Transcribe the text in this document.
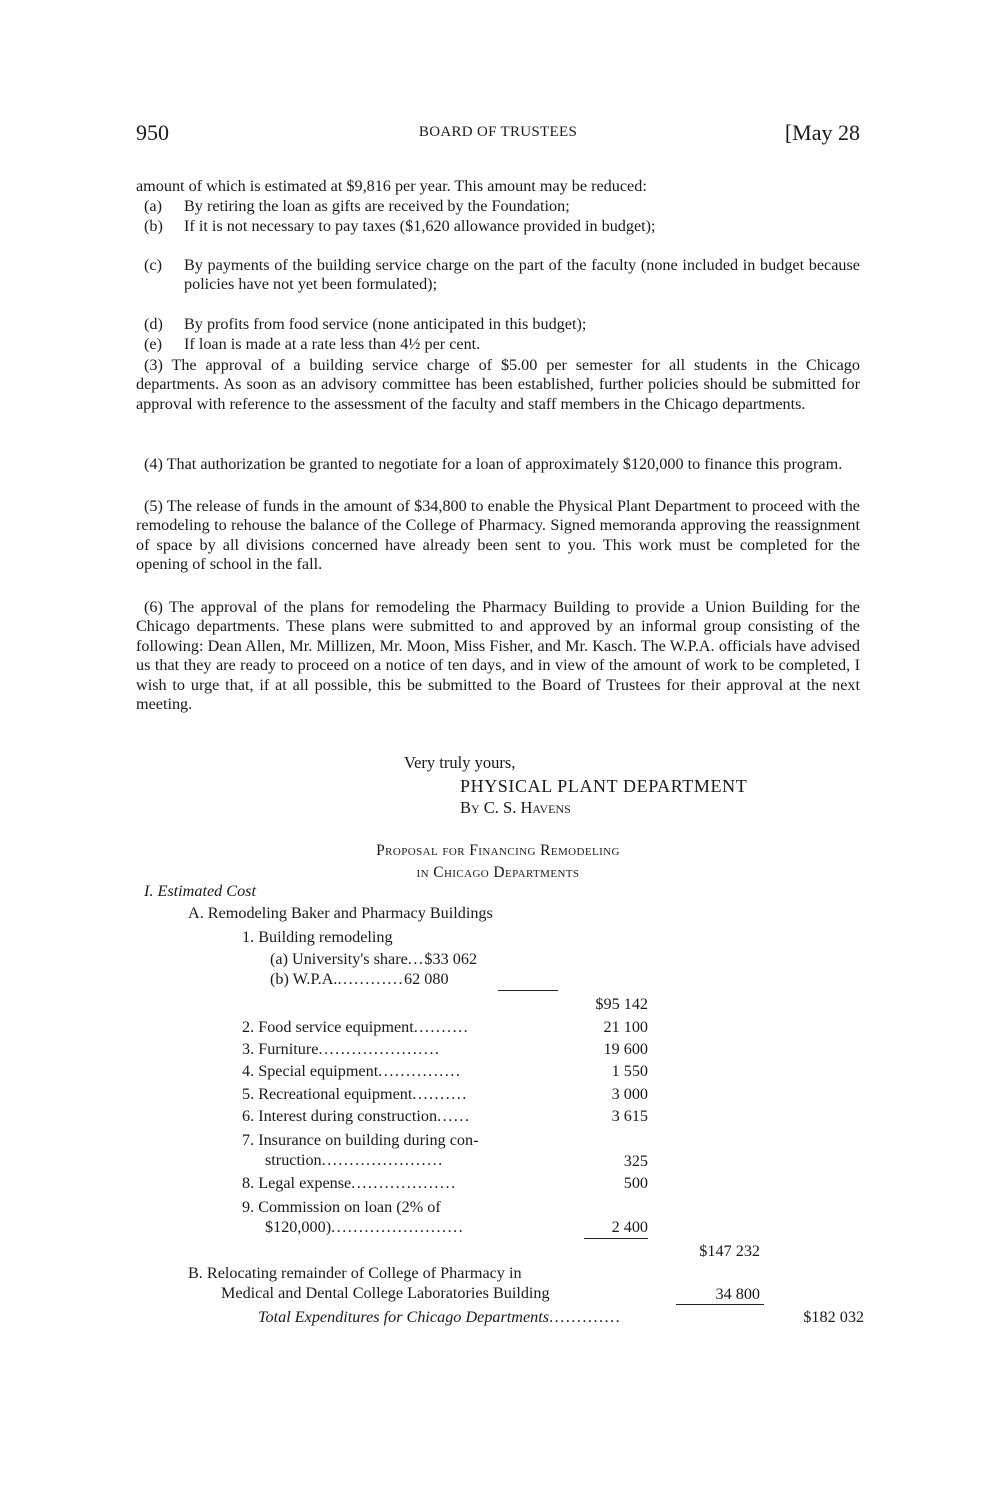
950	BOARD OF TRUSTEES	[May 28

amount of which is estimated at $9,816 per year. This amount may be reduced:

(a) By retiring the loan as gifts are received by the Foundation;
(b) If it is not necessary to pay taxes ($1,620 allowance provided in budget);
(c) By payments of the building service charge on the part of the faculty (none included in budget because policies have not yet been formulated);
(d) By profits from food service (none anticipated in this budget);
(e) If loan is made at a rate less than 4½ per cent.

(3) The approval of a building service charge of $5.00 per semester for all students in the Chicago departments. As soon as an advisory committee has been established, further policies should be submitted for approval with reference to the assessment of the faculty and staff members in the Chicago departments.

(4) That authorization be granted to negotiate for a loan of approximately $120,000 to finance this program.

(5) The release of funds in the amount of $34,800 to enable the Physical Plant Department to proceed with the remodeling to rehouse the balance of the College of Pharmacy. Signed memoranda approving the reassignment of space by all divisions concerned have already been sent to you. This work must be completed for the opening of school in the fall.

(6) The approval of the plans for remodeling the Pharmacy Building to provide a Union Building for the Chicago departments. These plans were submitted to and approved by an informal group consisting of the following: Dean Allen, Mr. Millizen, Mr. Moon, Miss Fisher, and Mr. Kasch. The W.P.A. officials have advised us that they are ready to proceed on a notice of ten days, and in view of the amount of work to be completed, I wish to urge that, if at all possible, this be submitted to the Board of Trustees for their approval at the next meeting.

Very truly yours,
PHYSICAL PLANT DEPARTMENT
By C. S. Havens
Proposal for Financing Remodeling
in Chicago Departments
I. Estimated Cost
A. Remodeling Baker and Pharmacy Buildings
1. Building remodeling
(a) University's share...$33 062
(b) W.P.A.............62 080
$95 142
2. Food service equipment..........	21 100
3. Furniture......................	19 600
4. Special equipment...............	1 550
5. Recreational equipment..........	3 000
6. Interest during construction......	3 615
7. Insurance on building during con-
struction......................	325
8. Legal expense...................	500
9. Commission on loan (2% of
$120,000)........................	2 400
$147 232
B. Relocating remainder of College of Pharmacy in
Medical and Dental College Laboratories Building	34 800
Total Expenditures for Chicago Departments.............	$182 032
